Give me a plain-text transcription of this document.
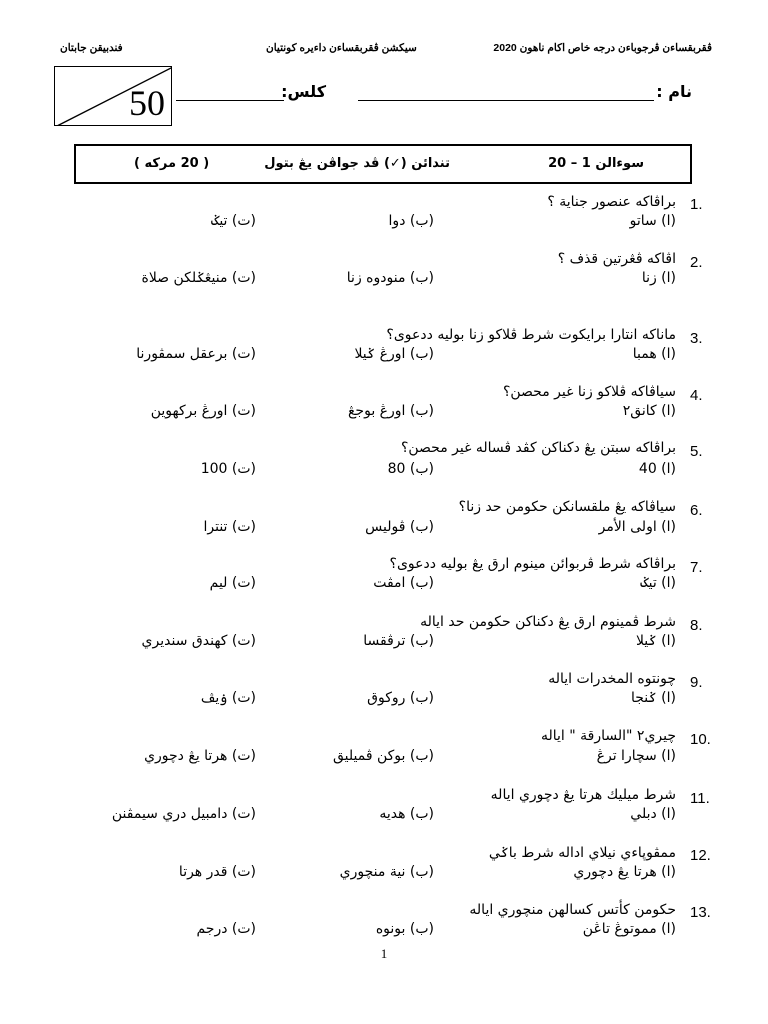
فندبيقن جابتان	سيكشن ڤقربقساءن داءيره کونتيان	ڤقربقساءن ڤرجوباءن درجه خاص اكام ناهون 2020
50	نام :
كلس:
سوءالن 1 – 20
تندائن (✓) ڤد جواڤن يڠ بتول
( 20 مرکه )
1.
براڤاکه عنصور جناية ؟
(ا) ساتو
(ب) دوا
(ت) تيݢ
2.
اڤاکه ڤڠرتين قذف ؟
(ا) زنا
(ب) منودوه زنا
(ت) منيڠݢلکن صلاة
3.
ماناکه انتارا برايکوت شرط ڤلاکو زنا بوليه ددعوى؟
(ا) همبا
(ب) اورڠ ݢيلا
(ت) برعقل سمڤورنا
4.
سياڤاکه ڤلاکو زنا غير محصن؟
(ا) کانق٢
(ب) اورڠ بوجڠ
(ت) اورڠ برکهوين
5.
براڤاکه سبتن يڠ دکناکن کڤد ڤساله غير محصن؟
(ا) 40
(ب) 80
(ت) 100
6.
سياڤاکه يڠ ملقسانکن حکومن حد زنا؟
(ا) اولى الأمر
(ب) ڤوليس
(ت) تنترا
7.
براڤاکه شرط ڤربوائن مينوم ارق يڠ بوليه ددعوى؟
(ا) تيݢ
(ب) امڤت
(ت) ليم
8.
شرط ڤمينوم ارق يڠ دکناکن حکومن حد اياله
(ا) ݢيلا
(ب) ترڤقسا
(ت) کهندق سنديري
9.
چونتوه المخدرات اياله
(ا) ݢنجا
(ب) روکوق
(ت) ۏيڤ
10.
چيري٢ "السارقة " اياله
(ا) سچارا ترڠ
(ب) بوکن ڤميليق
(ت) هرتا يڠ دچوري
11.
شرط ميليك هرتا يڠ دچوري اياله
(ا) دبلي
(ب) هديه
(ت) دامبيل دري سيمڤنن
12.
ممڤوڽاءي نيلاي اداله شرط باݢي
(ا) هرتا يڠ دچوري
(ب) نية منچوري
(ت) قدر هرتا
13.
حکومن کأتس کسالهن منچوري اياله
(ا) مموتوڠ تاڠن
(ب) بونوه
(ت) درجم
1
